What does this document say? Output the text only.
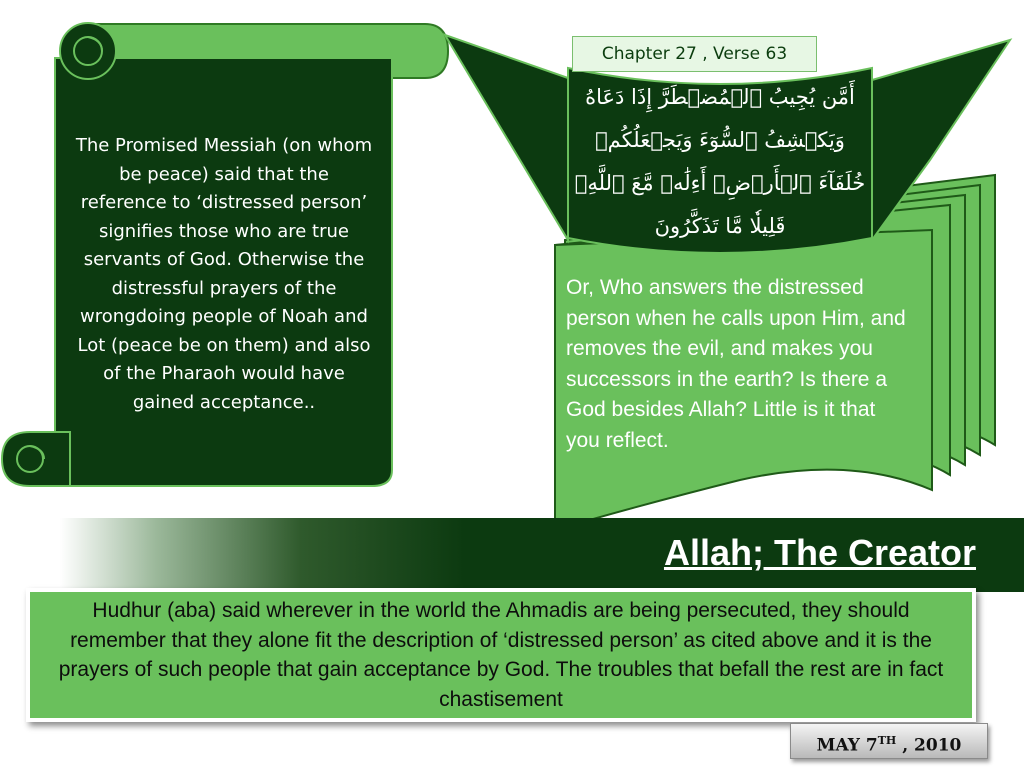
The Promised Messiah (on whom be peace) said that the reference to ‘distressed person’ signifies those who are true servants of God. Otherwise the distressful prayers of the wrongdoing people of Noah and Lot (peace be on them) and also of the Pharaoh would have gained acceptance..
Chapter 27 , Verse 63
أَمَّن يُجِيبُ ٱلۡمُضۡطَرَّ إِذَا دَعَاهُ وَيَكۡشِفُ ٱلسُّوٓءَ وَيَجۡعَلُكُمۡ خُلَفَآءَ ٱلۡأَرۡضِۗ أَءِلَٰهٞ مَّعَ ٱللَّهِۚ قَلِيلٗا مَّا تَذَكَّرُونَ
Or, Who answers the distressed person when he calls upon Him, and removes the evil, and makes you successors in the earth? Is there a God besides Allah? Little is it that you reflect.
Allah; The Creator
Hudhur (aba) said wherever in the world the Ahmadis are being persecuted, they should remember that they alone fit the description of ‘distressed person’ as cited above and it is the prayers of such people that gain acceptance by God. The troubles that befall the rest are in fact chastisement
MAY 7TH , 2010
